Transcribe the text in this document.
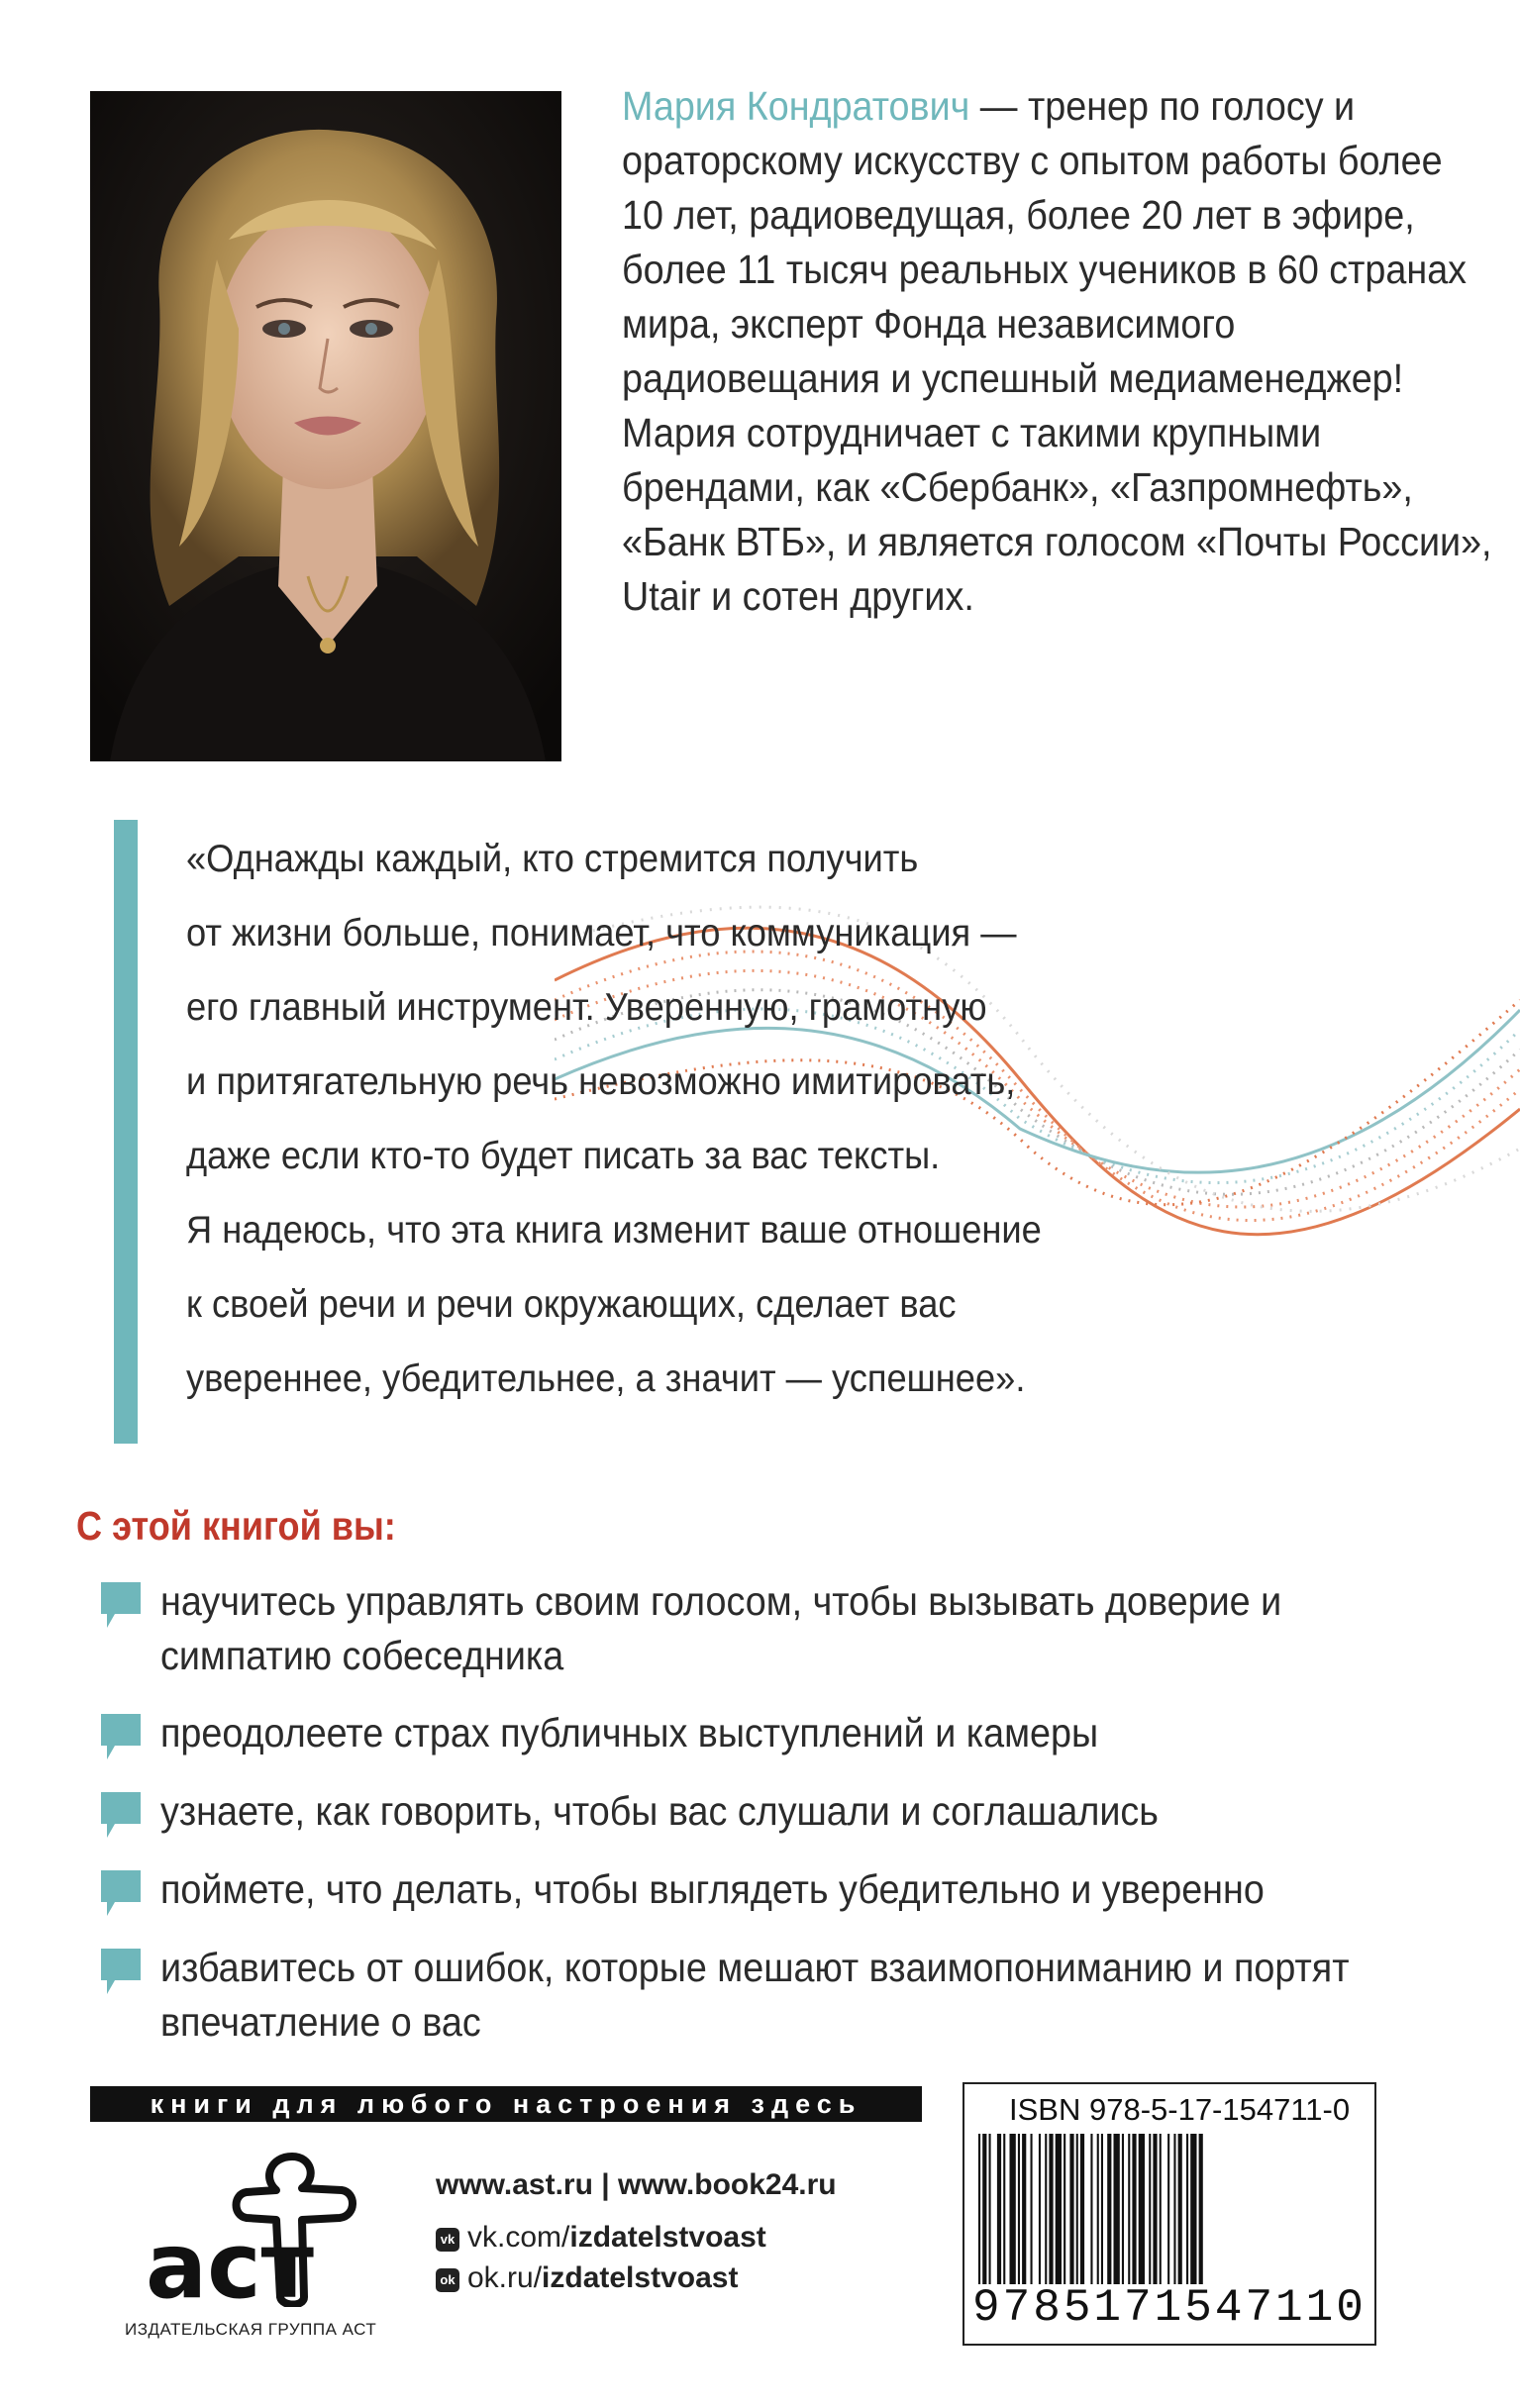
Мария Кондратович — тренер по голосу и ораторскому искусству с опытом работы более 10 лет, радиоведущая, более 20 лет в эфире, более 11 тысяч реальных учеников в 60 странах мира, эксперт Фонда независимого радиовещания и успешный медиаменеджер! Мария сотрудничает с такими крупными брендами, как «Сбербанк», «Газпромнефть», «Банк ВТБ», и является голосом «Почты России», Utair и сотен других.
«Однажды каждый, кто стремится получить
от жизни больше, понимает, что коммуникация —
его главный инструмент. Уверенную, грамотную
и притягательную речь невозможно имитировать,
даже если кто-то будет писать за вас тексты.
Я надеюсь, что эта книга изменит ваше отношение
к своей речи и речи окружающих, сделает вас
увереннее, убедительнее, а значит — успешнее».
С этой книгой вы:
научитесь управлять своим голосом, чтобы вызывать доверие и симпатию собеседника
преодолеете страх публичных выступлений и камеры
узнаете, как говорить, чтобы вас слушали и соглашались
поймете, что делать, чтобы выглядеть убедительно и уверенно
избавитесь от ошибок, которые мешают взаимопониманию и портят впечатление о вас
книги для любого настроения здесь
аст
ИЗДАТЕЛЬСКАЯ ГРУППА АСТ
www.ast.ru | www.book24.ru
vk vk.com/izdatelstvoast
ok ok.ru/izdatelstvoast
ISBN 978-5-17-154711-0
9785171547110
